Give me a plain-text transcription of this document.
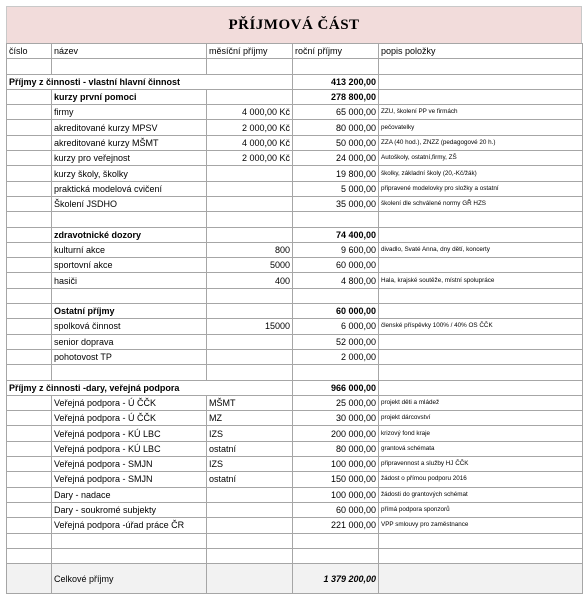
PŘÍJMOVÁ ČÁST
číslo	název	měsíční příjmy	roční příjmy	popis položky

Příjmy z činnosti - vlastní hlavní činnost			413 200,00	
	kurzy první pomoci		278 800,00	
	firmy	4 000,00 Kč	65 000,00	ZZU, školení PP ve firmách
	akreditované kurzy MPSV	2 000,00 Kč	80 000,00	pečovatelky
	akreditované kurzy MŠMT	4 000,00 Kč	50 000,00	ZZA (40 hod.), ZNZZ (pedagogové 20 h.)
	kurzy pro veřejnost	2 000,00 Kč	24 000,00	Autoškoly, ostatní,firmy, ZŠ
	kurzy školy, školky		19 800,00	školky, základní školy (20,-Kč/žák)
	praktická modelová cvičení		5 000,00	připravené modelovky pro složky a ostatní
	Školení JSDHO		35 000,00	školení dle schválené normy GŘ HZS

	zdravotnické dozory		74 400,00	
	kulturní akce	800	9 600,00	divadlo, Svaté Anna, dny dětí, koncerty
	sportovní akce	5000	60 000,00	
	hasiči	400	4 800,00	Hala, krajské soutěže, místní spolupráce

	Ostatní příjmy		60 000,00	
	spolková činnost	15000	6 000,00	členské příspěvky 100% / 40% OS ČČK
	senior doprava		52 000,00	
	pohotovost TP		2 000,00	

Příjmy z činnosti -dary, veřejná podpora			966 000,00	
	Veřejná podpora - Ú ČČK	MŠMT	25 000,00	projekt děti a mládež
	Veřejná podpora - Ú ČČK	MZ	30 000,00	projekt dárcovství
	Veřejná podpora - KÚ LBC	IZS	200 000,00	krizový fond kraje
	Veřejná podpora - KÚ LBC	ostatní	80 000,00	grantová schémata
	Veřejná podpora - SMJN	IZS	100 000,00	připravennost a služby HJ ČČK
	Veřejná podpora - SMJN	ostatní	150 000,00	žádost o přímou podporu 2016
	Dary - nadace		100 000,00	žádosti do grantových schémat
	Dary - soukromé subjekty		60 000,00	přímá podpora sponzorů
	Veřejná podpora -úřad práce ČR		221 000,00	VPP smlouvy pro zaměstnance

	Celkové příjmy		1 379 200,00	
